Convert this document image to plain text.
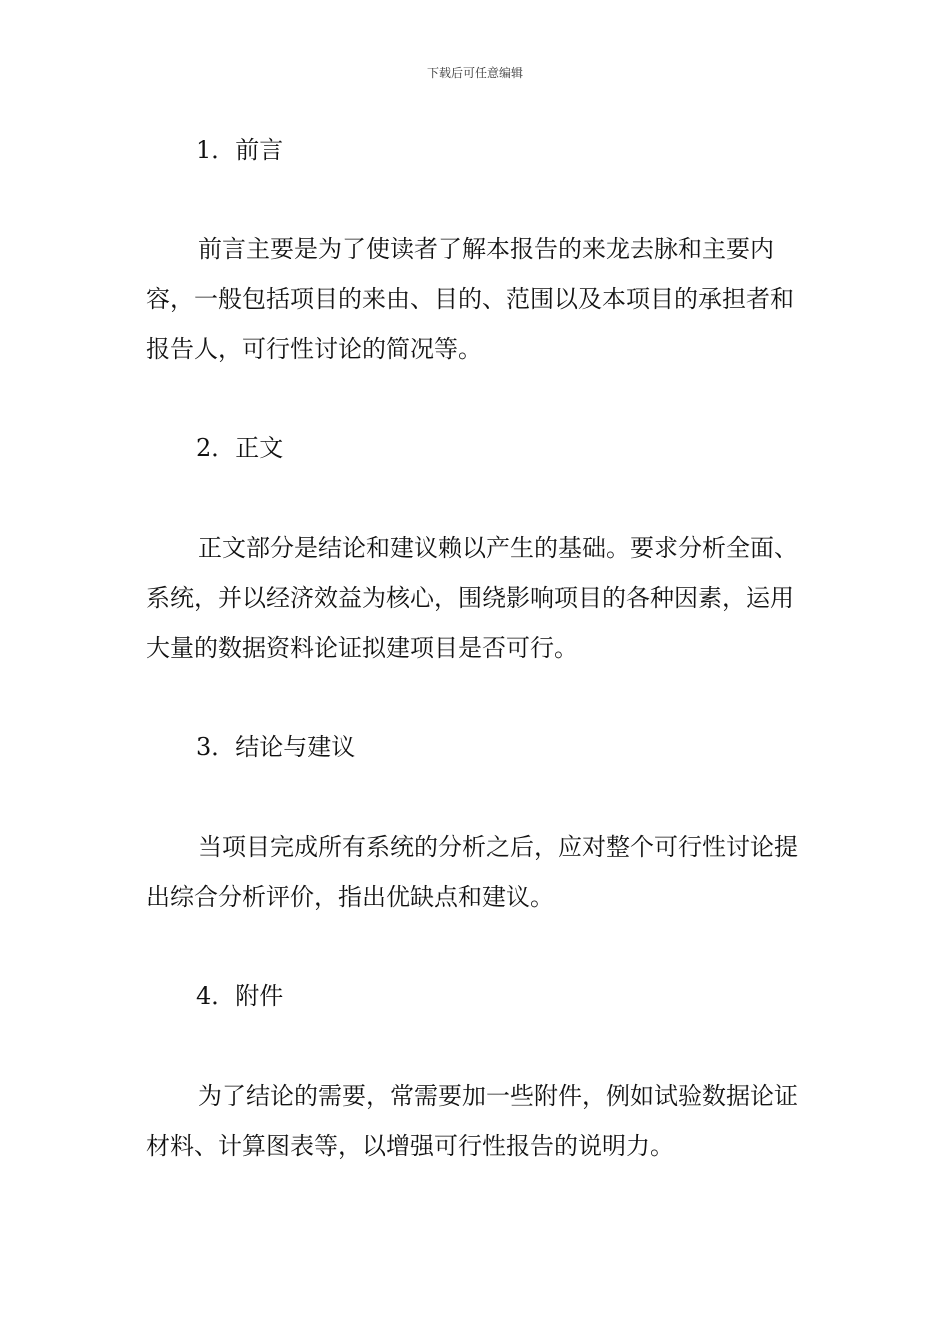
下载后可任意编辑
1．前言

前言主要是为了使读者了解本报告的来龙去脉和主要内容，一般包括项目的来由、目的、范围以及本项目的承担者和报告人，可行性讨论的简况等。

2．正文

正文部分是结论和建议赖以产生的基础。要求分析全面、系统，并以经济效益为核心，围绕影响项目的各种因素，运用大量的数据资料论证拟建项目是否可行。

3．结论与建议

当项目完成所有系统的分析之后，应对整个可行性讨论提出综合分析评价，指出优缺点和建议。

4．附件

为了结论的需要，常需要加一些附件，例如试验数据论证材料、计算图表等，以增强可行性报告的说明力。
